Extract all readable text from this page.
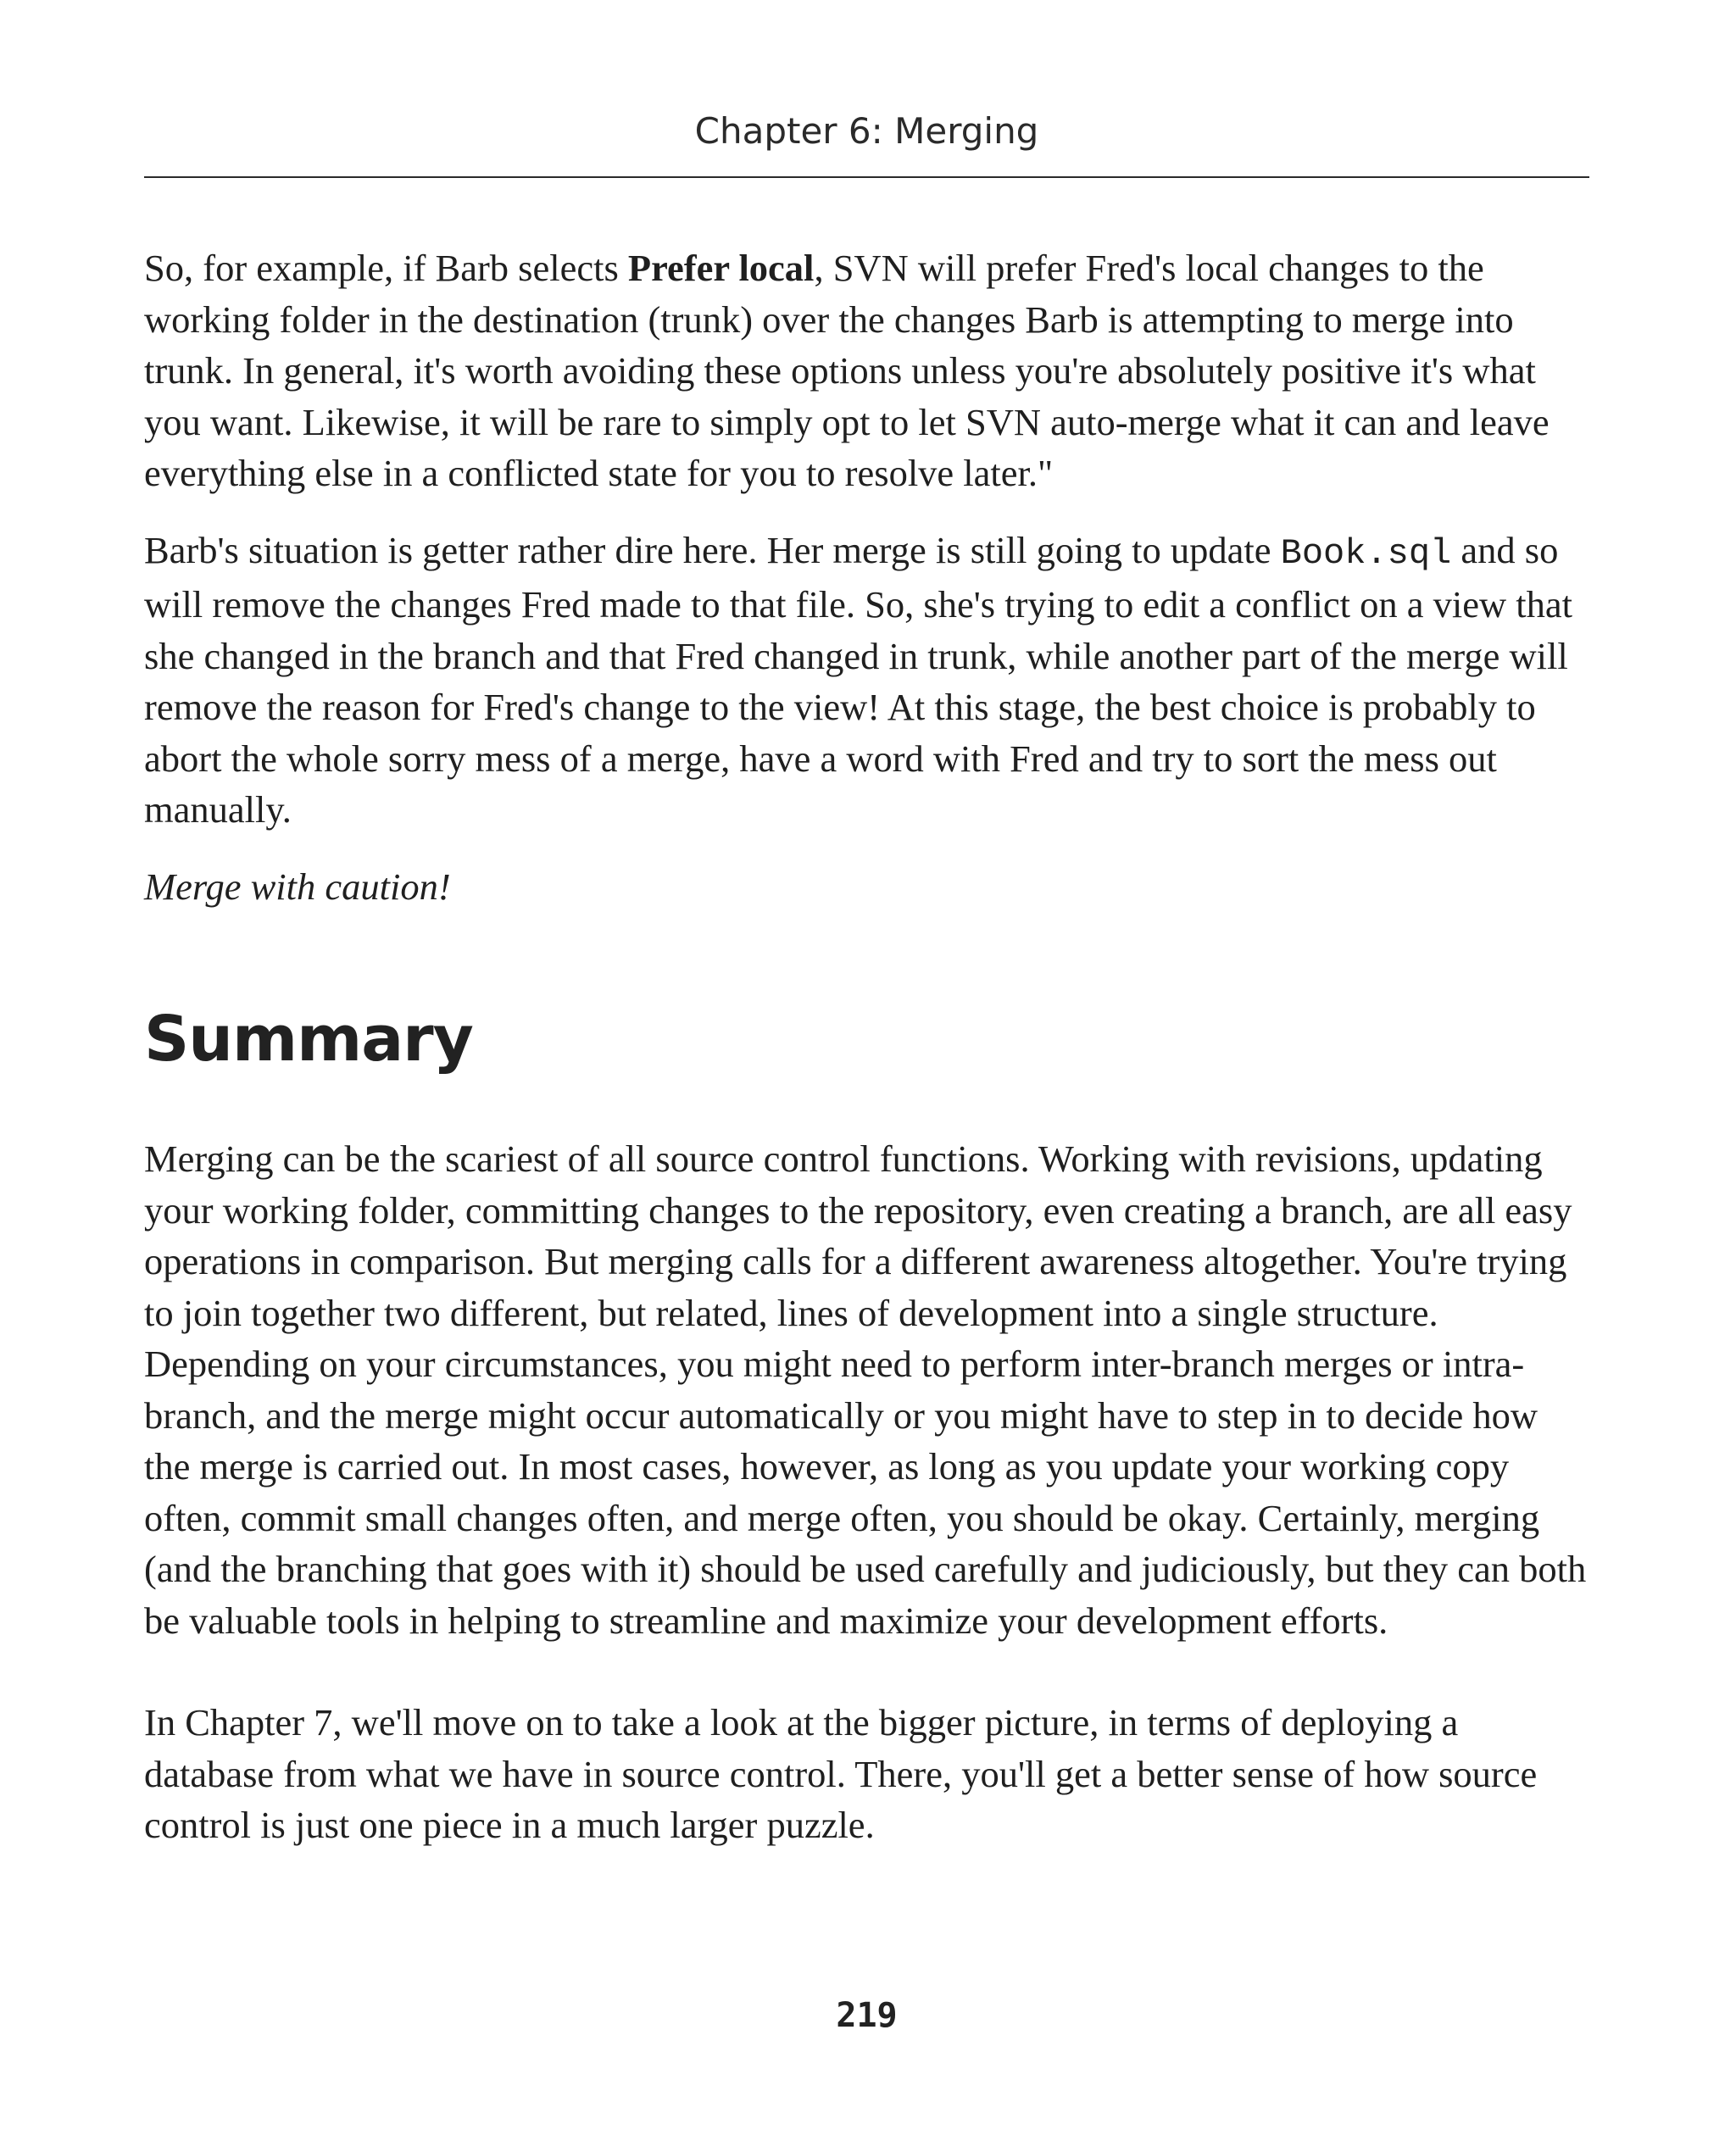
Chapter 6: Merging

So, for example, if Barb selects Prefer local, SVN will prefer Fred's local changes to the working folder in the destination (trunk) over the changes Barb is attempting to merge into trunk. In general, it's worth avoiding these options unless you're absolutely positive it's what you want. Likewise, it will be rare to simply opt to let SVN auto-merge what it can and leave everything else in a conflicted state for you to resolve later."

Barb's situation is getter rather dire here. Her merge is still going to update Book.sql and so will remove the changes Fred made to that file. So, she's trying to edit a conflict on a view that she changed in the branch and that Fred changed in trunk, while another part of the merge will remove the reason for Fred's change to the view! At this stage, the best choice is probably to abort the whole sorry mess of a merge, have a word with Fred and try to sort the mess out manually.

Merge with caution!

Summary

Merging can be the scariest of all source control functions. Working with revisions, updating your working folder, committing changes to the repository, even creating a branch, are all easy operations in comparison. But merging calls for a different awareness altogether. You're trying to join together two different, but related, lines of development into a single structure. Depending on your circumstances, you might need to perform inter-branch merges or intra-branch, and the merge might occur automatically or you might have to step in to decide how the merge is carried out. In most cases, however, as long as you update your working copy often, commit small changes often, and merge often, you should be okay. Certainly, merging (and the branching that goes with it) should be used carefully and judiciously, but they can both be valuable tools in helping to streamline and maximize your development efforts.

In Chapter 7, we'll move on to take a look at the bigger picture, in terms of deploying a database from what we have in source control. There, you'll get a better sense of how source control is just one piece in a much larger puzzle.

219
